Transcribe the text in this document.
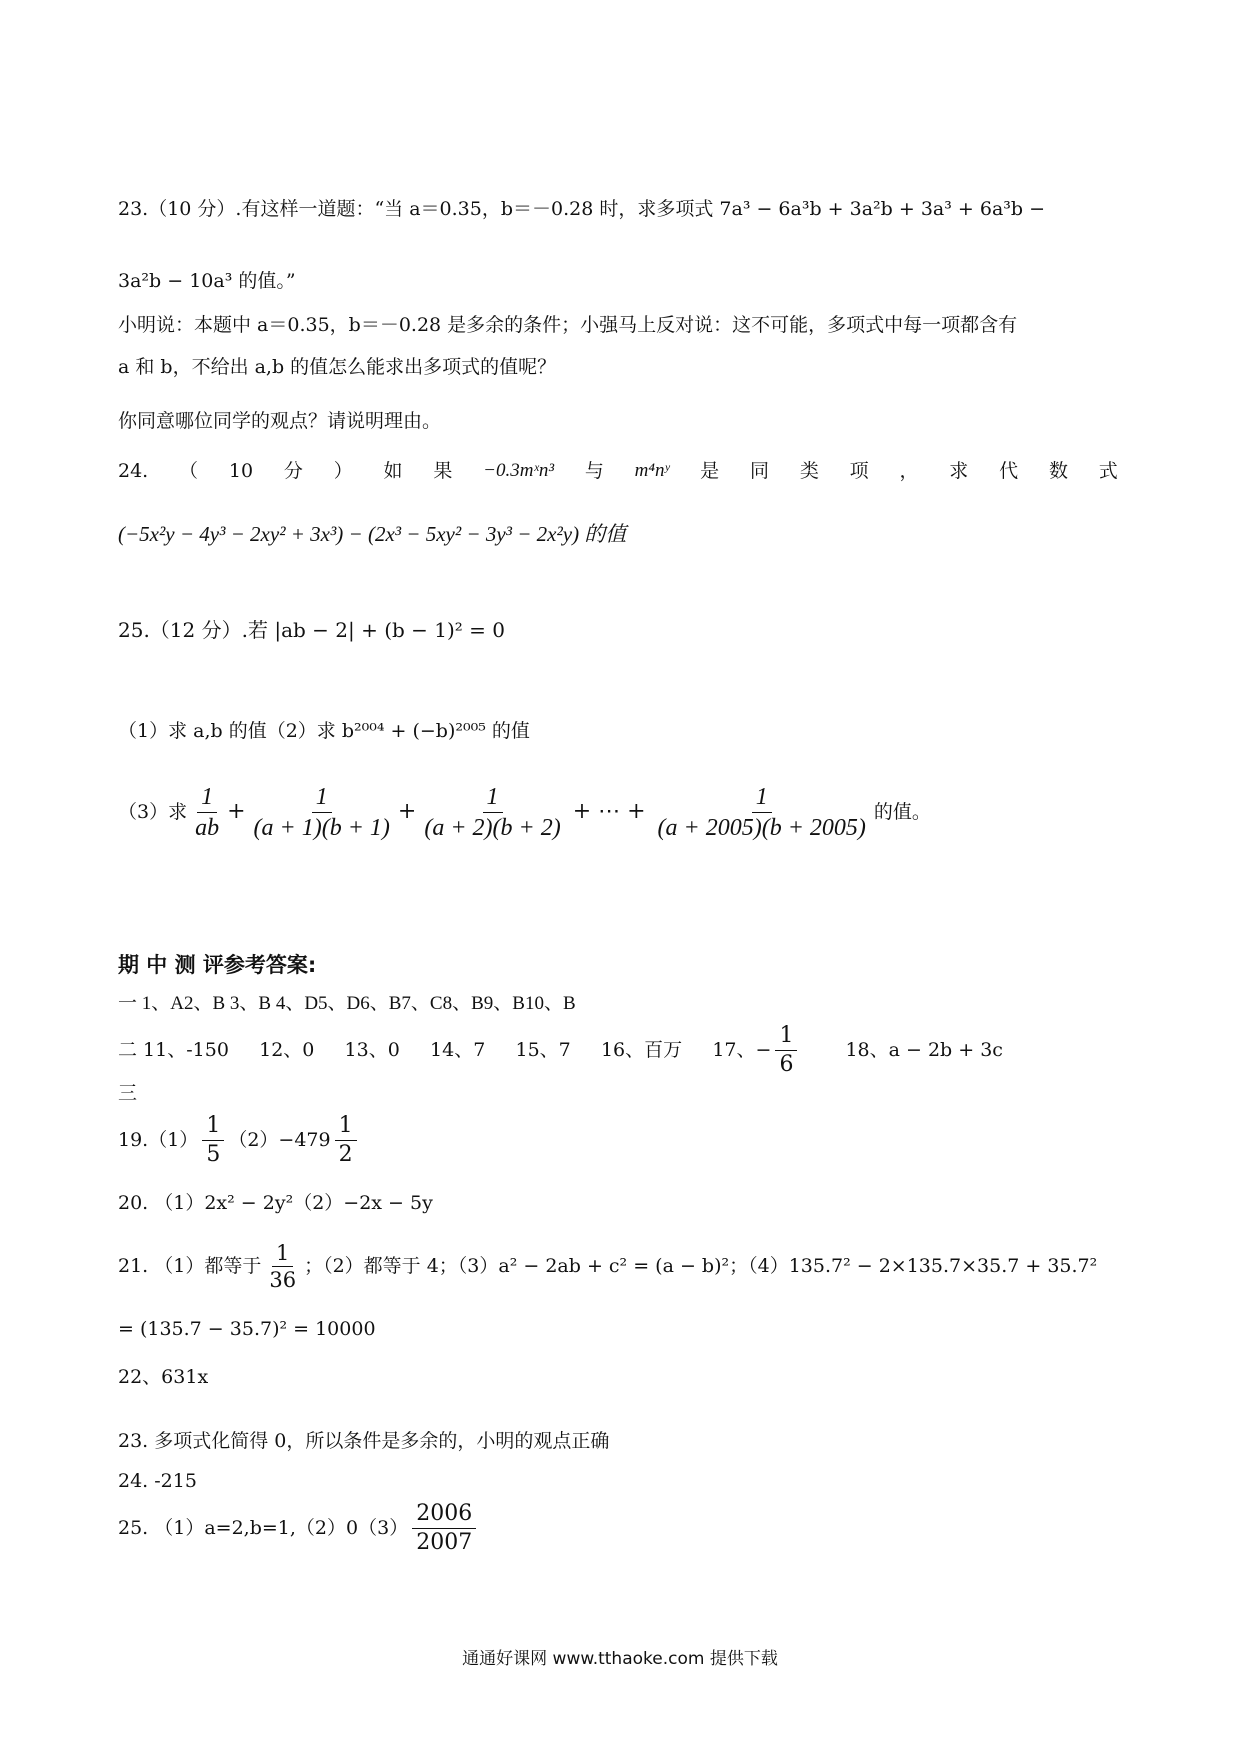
23.（10 分）.有这样一道题：“当 a＝0.35，b＝－0.28 时，求多项式 7a³ − 6a³b + 3a²b + 3a³ + 6a³b −
3a²b − 10a³ 的值。”
小明说：本题中 a＝0.35，b＝－0.28 是多余的条件；小强马上反对说：这不可能，多项式中每一项都含有
a 和 b，不给出 a,b 的值怎么能求出多项式的值呢？
你同意哪位同学的观点？请说明理由。
24. （ 10 分 ） 如 果 −0.3mˣn³ 与 m⁴nʸ 是 同 类 项 ， 求 代 数 式
(−5x²y − 4y³ − 2xy² + 3x³) − (2x³ − 5xy² − 3y³ − 2x²y) 的值
25.（12 分）.若 |ab − 2| + (b − 1)² = 0
（1）求 a,b 的值（2）求 b²⁰⁰⁴ + (−b)²⁰⁰⁵ 的值
（3）求 $\frac{1}{ab} + \frac{1}{(a + 1)(b + 1)} + \frac{1}{(a + 2)(b + 2)}$ + ⋯ + $\frac{1}{(a + 2005)(b + 2005)}$ 的值。
期 中 测 评参考答案:
一 1、A2、B 3、B 4、D5、D6、B7、C8、B9、B10、B
二 11、-150     12、0     13、0     14、7     15、7     16、百万     17、− $\frac{1}{6}$	18、a − 2b + 3c
三
$19.(1) \frac{1}{5} (2)-479 \frac{1}{2}$
20. （1）2x² − 2y²（2）−2x − 5y
21. （1）都等于 $\frac{1}{36}$ ；（2）都等于 4；（3）a² − 2ab + c² = (a − b)²；（4）135.7² − 2×135.7×35.7 + 35.7²
= (135.7 − 35.7)² = 10000
22、631x
23. 多项式化简得 0，所以条件是多余的，小明的观点正确
24. -215
25. $(1)a=2,b=1,(2)0(3) \frac{2006}{2007}$
通通好课网 www.tthaoke.com 提供下载
